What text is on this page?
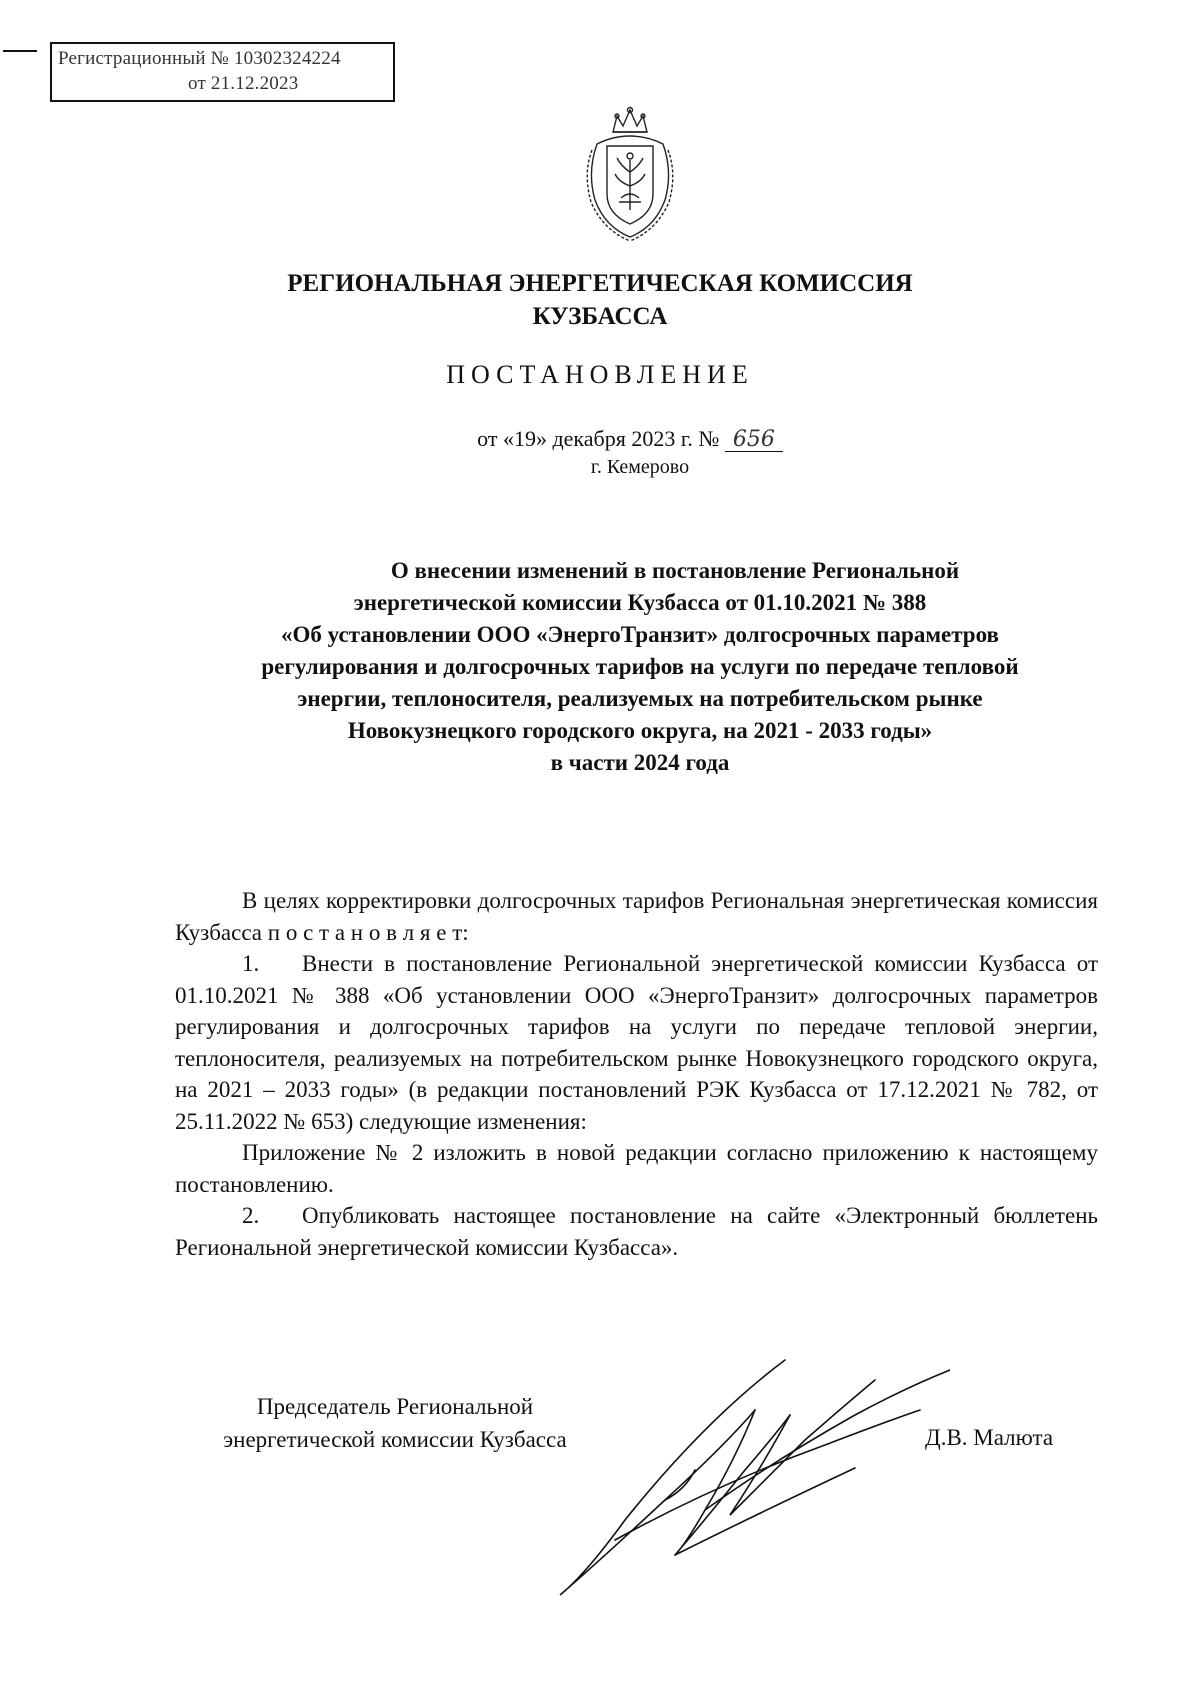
Регистрационный № 10302324224
от 21.12.2023
РЕГИОНАЛЬНАЯ ЭНЕРГЕТИЧЕСКАЯ КОМИССИЯ
КУЗБАССА
ПОСТАНОВЛЕНИЕ
от «19» декабря 2023 г. № 656
г. Кемерово
О внесении изменений в постановление Региональной
энергетической комиссии Кузбасса от 01.10.2021 № 388
«Об установлении ООО «ЭнергоТранзит» долгосрочных параметров
регулирования и долгосрочных тарифов на услуги по передаче тепловой
энергии, теплоносителя, реализуемых на потребительском рынке
Новокузнецкого городского округа, на 2021 - 2033 годы»
в части 2024 года

В целях корректировки долгосрочных тарифов Региональная энергетическая комиссия Кузбасса п о с т а н о в л я е т:

1. Внести в постановление Региональной энергетической комиссии Кузбасса от 01.10.2021 № 388 «Об установлении ООО «ЭнергоТранзит» долгосрочных параметров регулирования и долгосрочных тарифов на услуги по передаче тепловой энергии, теплоносителя, реализуемых на потребительском рынке Новокузнецкого городского округа, на 2021 – 2033 годы» (в редакции постановлений РЭК Кузбасса от 17.12.2021 № 782, от 25.11.2022 № 653) следующие изменения:

Приложение № 2 изложить в новой редакции согласно приложению к настоящему постановлению.

2. Опубликовать настоящее постановление на сайте «Электронный бюллетень Региональной энергетической комиссии Кузбасса».

Председатель Региональной
энергетической комиссии Кузбасса	Д.В. Малюта
